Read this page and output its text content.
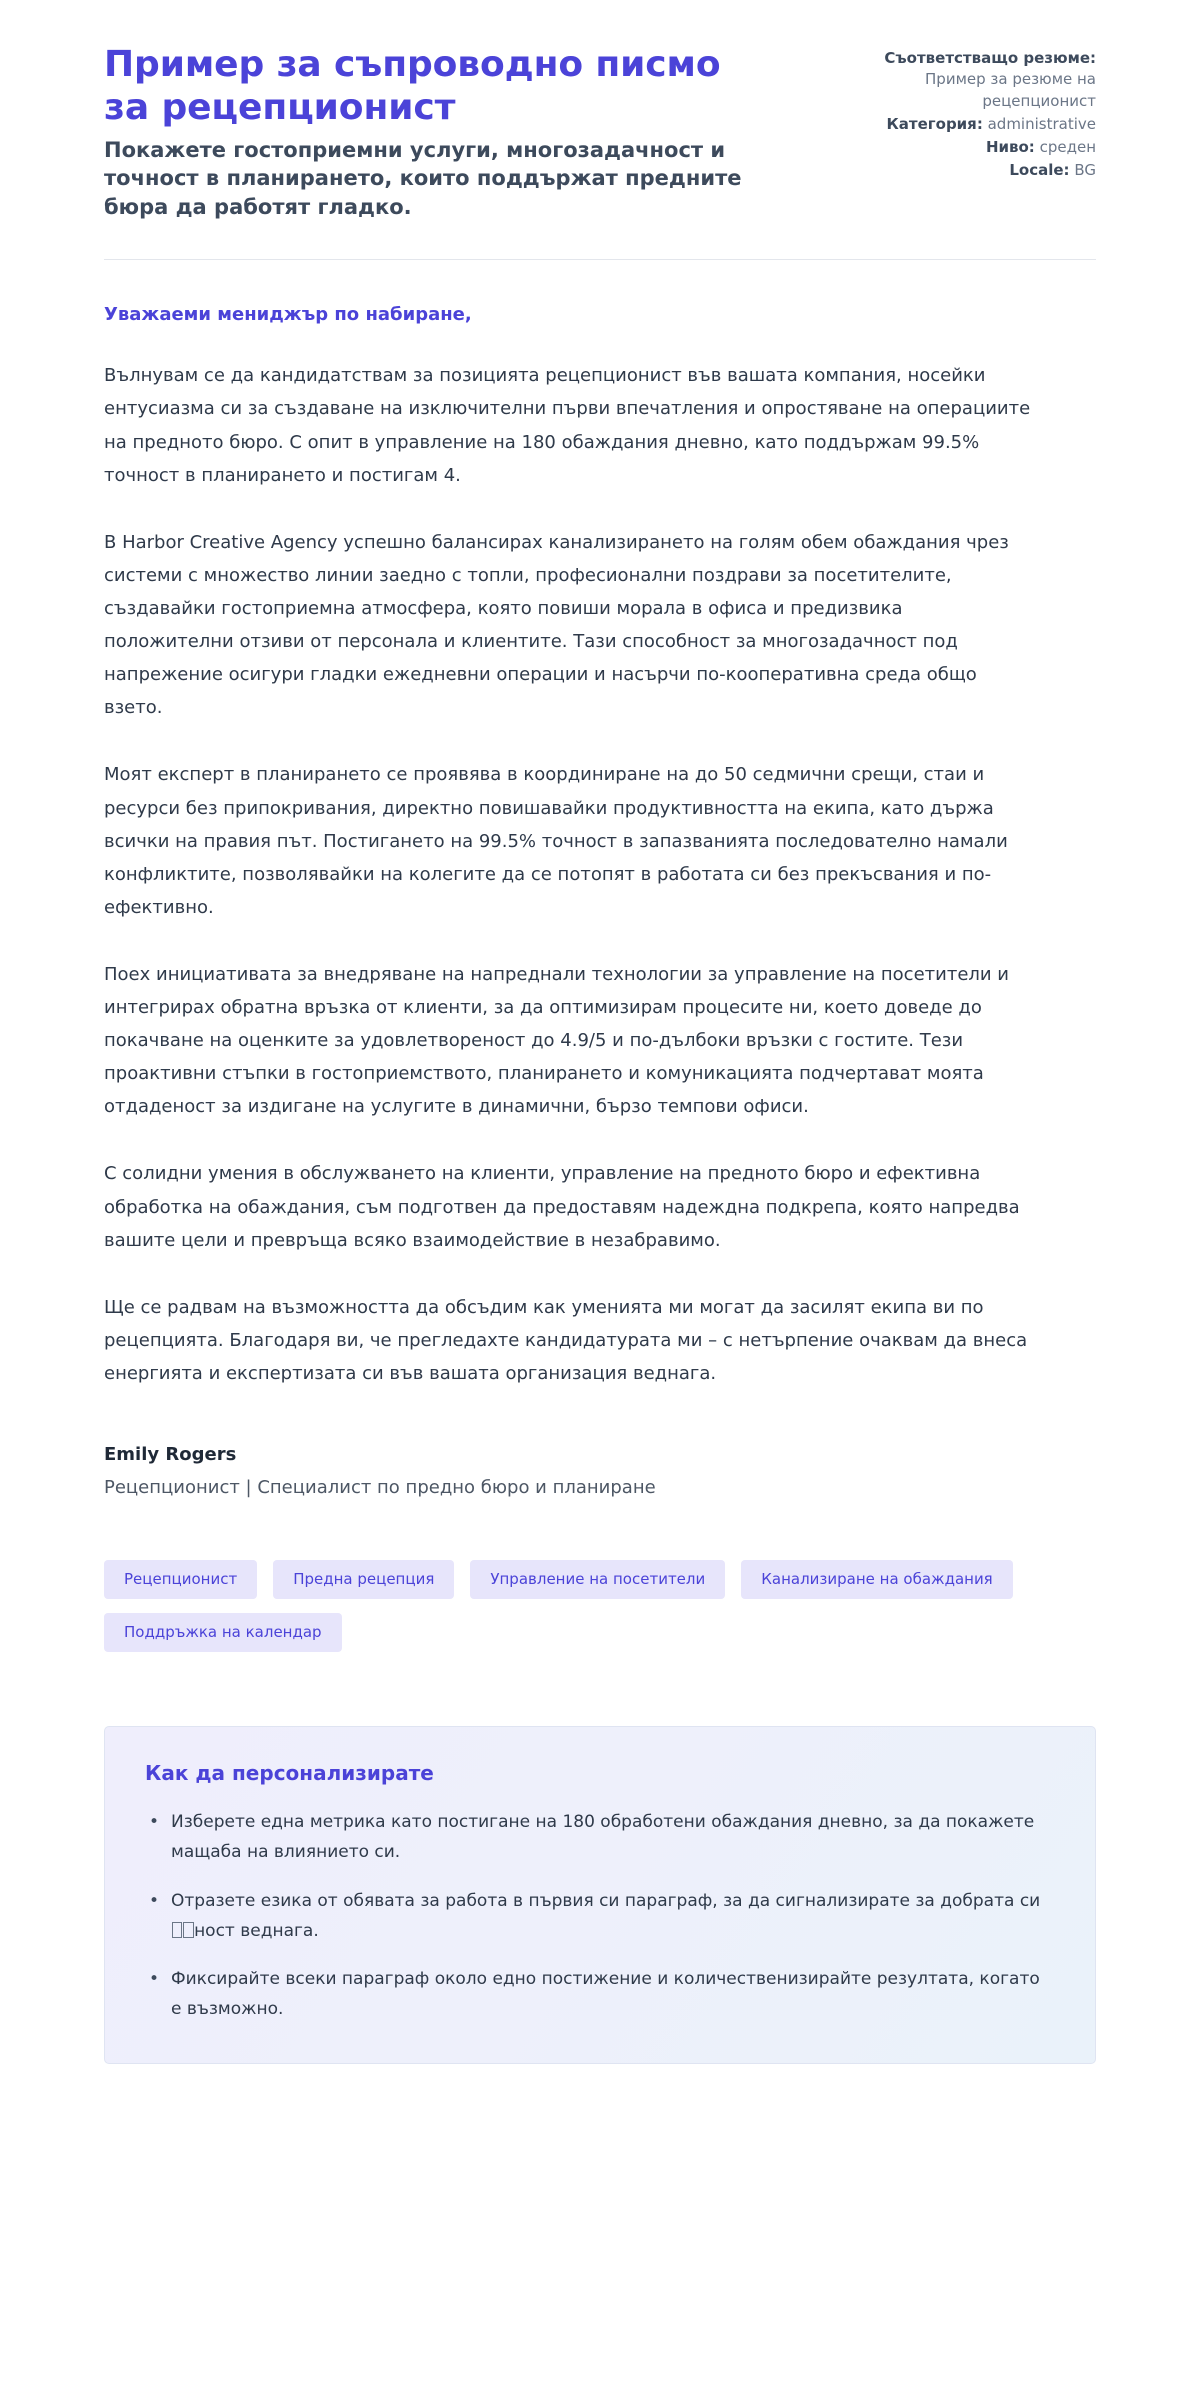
Пример за съпроводно писмо за рецепционист

Покажете гостоприемни услуги, многозадачност и точност в планирането, които поддържат предните бюра да работят гладко.

Съответстващо резюме: Пример за резюме на рецепционист
Категория: administrative
Ниво: среден
Locale: BG

Уважаеми мениджър по набиране,

Вълнувам се да кандидатствам за позицията рецепционист във вашата компания, носейки ентусиазма си за създаване на изключителни първи впечатления и опростяване на операциите на предното бюро. С опит в управление на 180 обаждания дневно, като поддържам 99.5% точност в планирането и постигам 4.

В Harbor Creative Agency успешно балансирах канализирането на голям обем обаждания чрез системи с множество линии заедно с топли, професионални поздрави за посетителите, създавайки гостоприемна атмосфера, която повиши морала в офиса и предизвика положителни отзиви от персонала и клиентите. Тази способност за многозадачност под напрежение осигури гладки ежедневни операции и насърчи по-кооперативна среда общо взето.

Моят експерт в планирането се проявява в координиране на до 50 седмични срещи, стаи и ресурси без припокривания, директно повишавайки продуктивността на екипа, като държа всички на правия път. Постигането на 99.5% точност в запазванията последователно намали конфликтите, позволявайки на колегите да се потопят в работата си без прекъсвания и по-ефективно.

Поех инициативата за внедряване на напреднали технологии за управление на посетители и интегрирах обратна връзка от клиенти, за да оптимизирам процесите ни, което доведе до покачване на оценките за удовлетвореност до 4.9/5 и по-дълбоки връзки с гостите. Тези проактивни стъпки в гостоприемството, планирането и комуникацията подчертават моята отдаденост за издигане на услугите в динамични, бързо темпови офиси.

С солидни умения в обслужването на клиенти, управление на предното бюро и ефективна обработка на обаждания, съм подготвен да предоставям надеждна подкрепа, която напредва вашите цели и превръща всяко взаимодействие в незабравимо.

Ще се радвам на възможността да обсъдим как уменията ми могат да засилят екипа ви по рецепцията. Благодаря ви, че прегледахте кандидатурата ми – с нетърпение очаквам да внеса енергията и експертизата си във вашата организация веднага.

Emily Rogers

Рецепционист | Специалист по предно бюро и планиране

Рецепционист	Предна рецепция	Управление на посетители	Канализиране на обаждания
Поддръжка на календар
Как да персонализирате
• Изберете една метрика като постигане на 180 обработени обаждания дневно, за да покажете мащаба на влиянието си.
• Отразете езика от обявата за работа в първия си параграф, за да сигнализирате за добрата синост веднага.
• Фиксирайте всеки параграф около едно постижение и количественизирайте резултата, когато е възможно.
